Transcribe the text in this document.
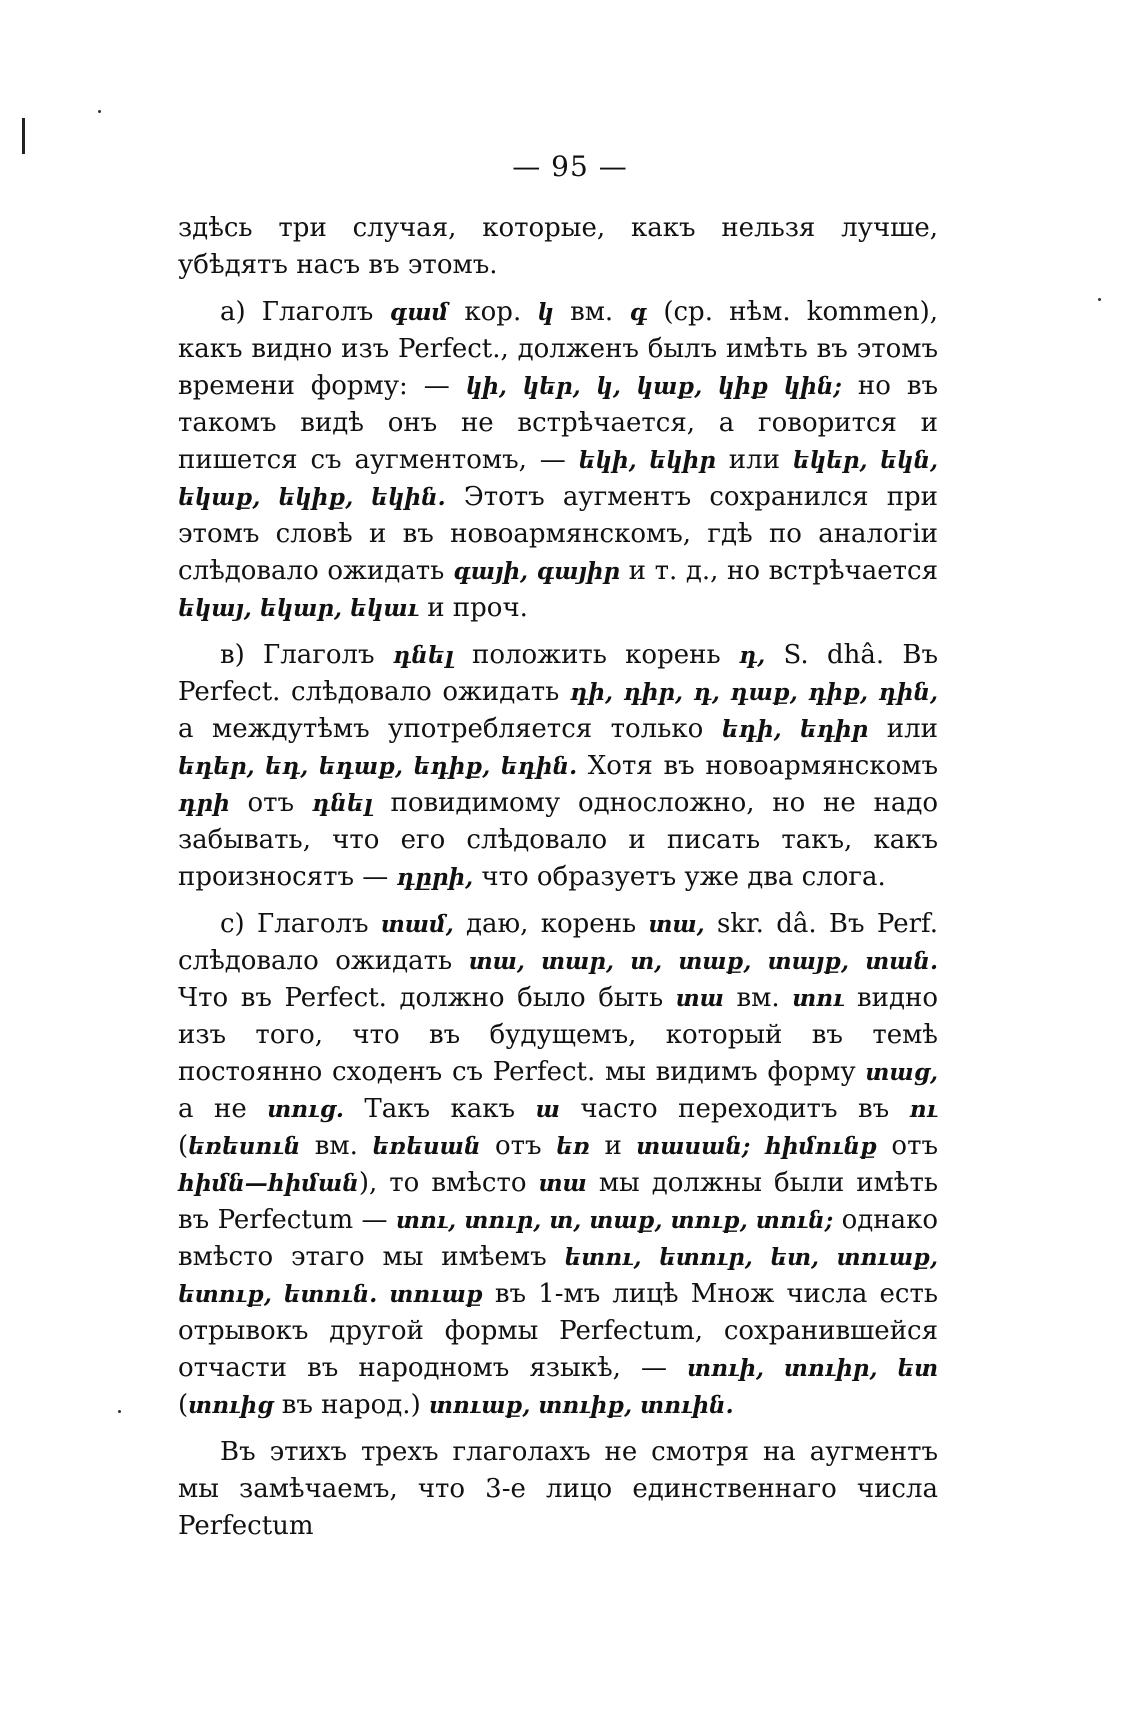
— 95 —

здѣсь три случая, которые, какъ нельзя лучше, убѣдятъ насъ въ этомъ.

а) Глаголъ գամ кор. կ вм. գ (ср. нѣм. kommen), какъ видно изъ Perfect., долженъ былъ имѣть въ этомъ времени форму: — կի, կեր, կ, կաք, կիք կին; но въ такомъ видѣ онъ не встрѣчается, а говорится и пишется съ аугментомъ, — եկի, եկիր или եկեր, եկն, եկաք, եկիք, եկին. Этотъ аугментъ сохранился при этомъ словѣ и въ новоармянскомъ, гдѣ по аналогіи слѣдовало ожидать գայի, գայիր и т. д., но встрѣчается եկայ, եկար, եկաւ и проч.

в) Глаголъ դնել положить корень դ, S. dhâ. Въ Perfect. слѣдовало ожидать դի, դիր, դ, դաք, դիք, դին, а междутѣмъ употребляется только եդի, եդիր или եդեր, եդ, եդաք, եդիք, եդին. Хотя въ новоармянскомъ դրի отъ դնել повидимому односложно, но не надо забывать, что его слѣдовало и писать такъ, какъ произносятъ — դըրի, что образуетъ уже два слога.

с) Глаголъ տամ, даю, корень տա, skr. dâ. Въ Perf. слѣдовало ожидать տա, տար, տ, տաք, տայք, տան. Что въ Perfect. должно было быть տա вм. տու видно изъ того, что въ будущемъ, который въ темѣ постоянно сходенъ съ Perfect. мы видимъ форму տաց, а не տուց. Такъ какъ ա часто переходитъ въ ու (եռեսուն вм. եռեսան отъ եռ и տասան; հիմունք отъ հիմն—հիման), то вмѣсто տա мы должны были имѣть въ Perfectum — տու, տուր, տ, տաք, տուք, տուն; однако вмѣсто этаго мы имѣемъ ետու, ետուր, ետ, տուաք, ետուք, ետուն. տուաք въ 1-мъ лицѣ Множ числа есть отрывокъ другой формы Perfectum, сохранившейся отчасти въ народномъ языкѣ, — տուի, տուիր, ետ (տուից въ народ.) տուաք, տուիք, տուին.

Въ этихъ трехъ глаголахъ не смотря на аугментъ мы замѣчаемъ, что 3-е лицо единственнаго числа Perfectum
